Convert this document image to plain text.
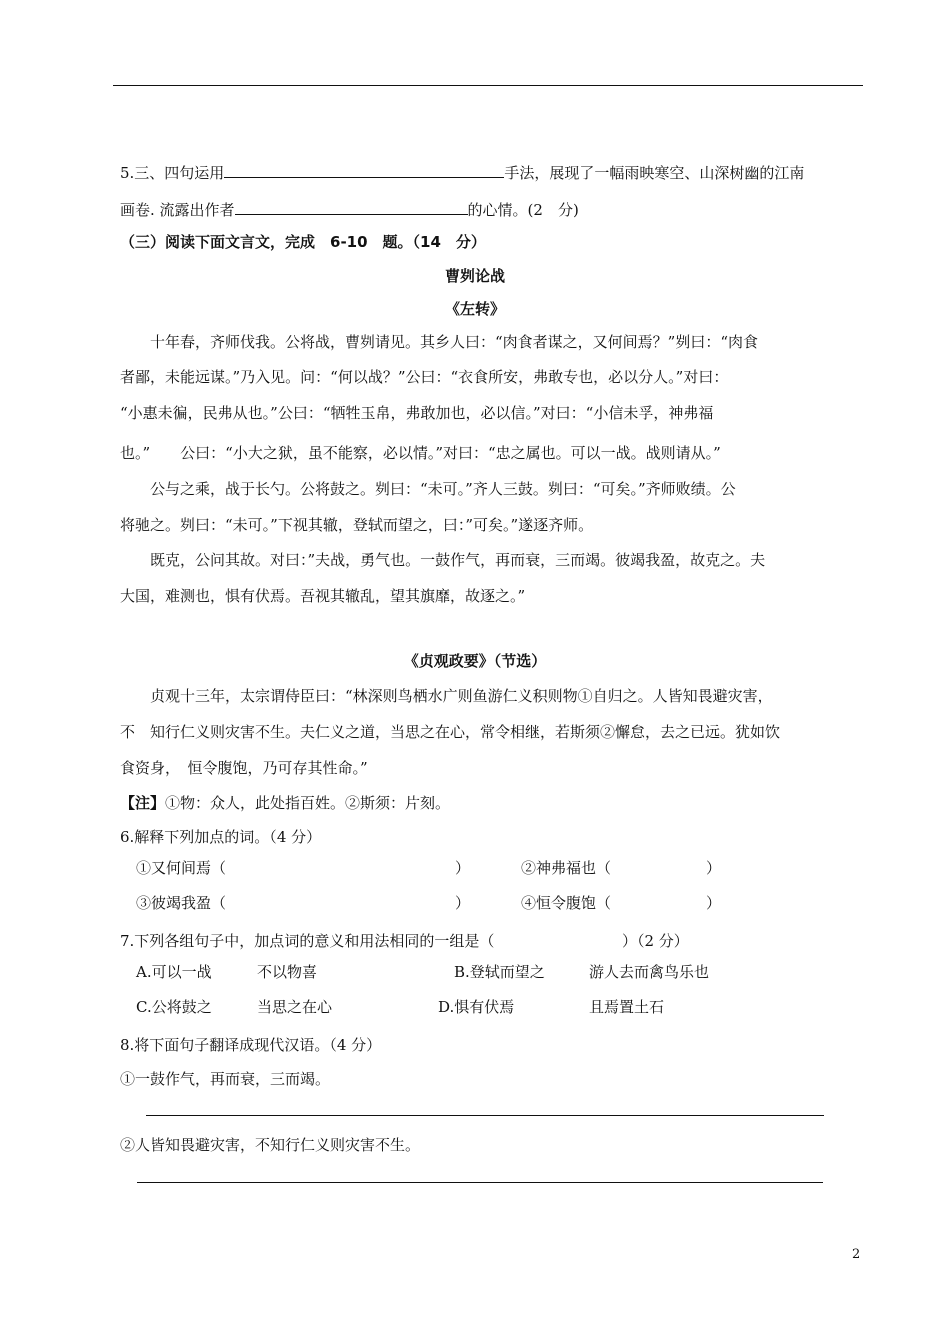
5.三、四句运用	手法，展现了一幅雨映寒空、山深树幽的江南
画卷. 流露出作者	的心情。(2　分)
（三）阅读下面文言文，完成　6-10　题。（14　分）
曹刿论战
《左转》
　　十年春，齐师伐我。公将战，曹刿请见。其乡人曰：“肉食者谋之，又何间焉？”刿曰：“肉食
者鄙，未能远谋。”乃入见。问：“何以战？”公曰：“衣食所安，弗敢专也，必以分人。”对曰：
“小惠未徧，民弗从也。”公曰：“牺牲玉帛，弗敢加也，必以信。”对曰：“小信未孚，神弗福
也。”　　公曰：“小大之狱，虽不能察，必以情。”对曰：“忠之属也。可以一战。战则请从。”
　　公与之乘，战于长勺。公将鼓之。刿曰：“未可。”齐人三鼓。刿曰：“可矣。”齐师败绩。公
将驰之。刿曰：“未可。”下视其辙，登轼而望之，曰：”可矣。”遂逐齐师。
　　既克，公问其故。对曰：”夫战，勇气也。一鼓作气，再而衰，三而竭。彼竭我盈，故克之。夫
大国，难测也，惧有伏焉。吾视其辙乱，望其旗靡，故逐之。”
《贞观政要》（节选）
　　贞观十三年，太宗谓侍臣曰：“林深则鸟栖水广则鱼游仁义积则物①自归之。人皆知畏避灾害，
不　知行仁义则灾害不生。夫仁义之道，当思之在心，常令相继，若斯须②懈怠，去之已远。犹如饮
食资身，　恒令腹饱，乃可存其性命。”
【注】①物：众人，此处指百姓。②斯须：片刻。
6.解释下列加点的词。（4 分）
①又何间焉（	）	②神弗福也（	）
③彼竭我盈（	）	④恒令腹饱（	）
7.下列各组句子中，加点词的意义和用法相同的一组是（	）（2 分）
A.可以一战	不以物喜	B.登轼而望之	游人去而禽鸟乐也
C.公将鼓之	当思之在心	D.惧有伏焉	且焉置土石
8.将下面句子翻译成现代汉语。（4 分）
①一鼓作气，再而衰，三而竭。
②人皆知畏避灾害，不知行仁义则灾害不生。
2
